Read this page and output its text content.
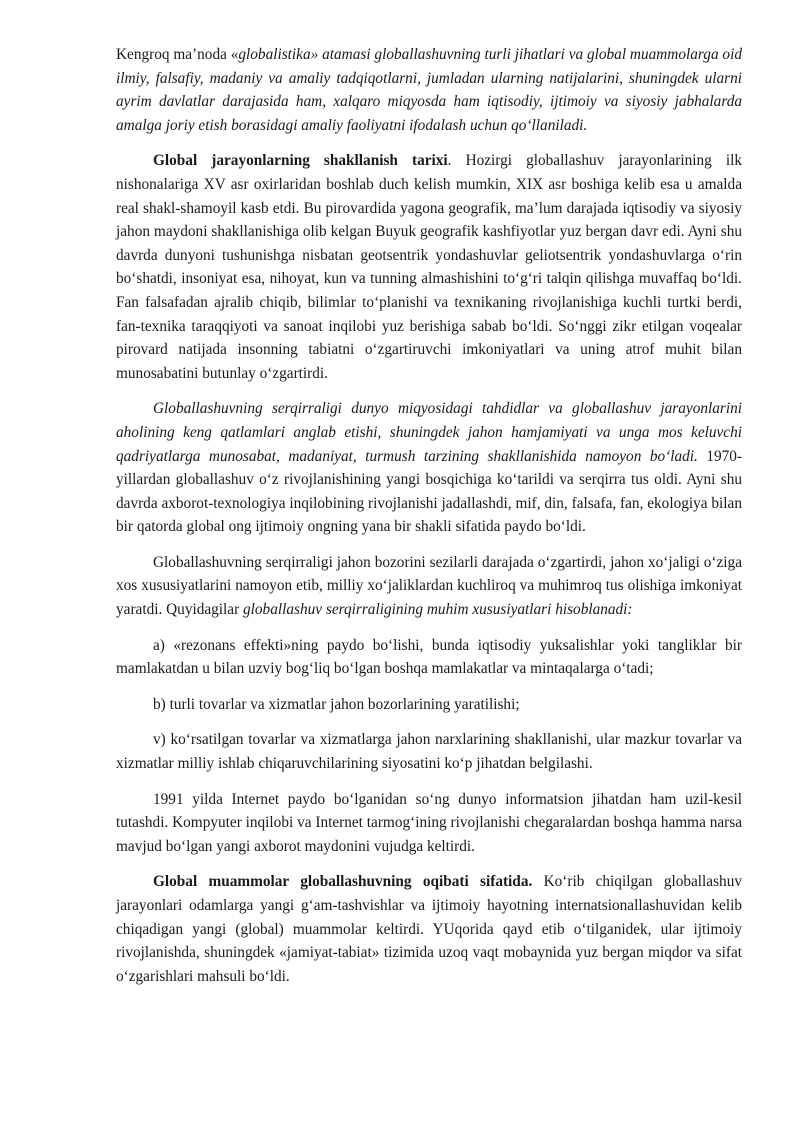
Kengroq ma’noda «globalistika» atamasi globallashuvning turli jihatlari va global muammolarga oid ilmiy, falsafiy, madaniy va amaliy tadqiqotlarni, jumladan ularning natijalarini, shuningdek ularni ayrim davlatlar darajasida ham, xalqaro miqyosda ham iqtisodiy, ijtimoiy va siyosiy jabhalarda amalga joriy etish borasidagi amaliy faoliyatni ifodalash uchun qo‘llaniladi.

Global jarayonlarning shakllanish tarixi. Hozirgi globallashuv jarayonlarining ilk nishonalariga XV asr oxirlaridan boshlab duch kelish mumkin, XIX asr boshiga kelib esa u amalda real shakl-shamoyil kasb etdi. Bu pirovardida yagona geografik, ma’lum darajada iqtisodiy va siyosiy jahon maydoni shakllanishiga olib kelgan Buyuk geografik kashfiyotlar yuz bergan davr edi. Ayni shu davrda dunyoni tushunishga nisbatan geotsentrik yondashuvlar geliotsentrik yondashuvlarga o‘rin bo‘shatdi, insoniyat esa, nihoyat, kun va tunning almashishini to‘g‘ri talqin qilishga muvaffaq bo‘ldi. Fan falsafadan ajralib chiqib, bilimlar to‘planishi va texnikaning rivojlanishiga kuchli turtki berdi, fan-texnika taraqqiyoti va sanoat inqilobi yuz berishiga sabab bo‘ldi. So‘nggi zikr etilgan voqealar pirovard natijada insonning tabiatni o‘zgartiruvchi imkoniyatlari va uning atrof muhit bilan munosabatini butunlay o‘zgartirdi.

Globallashuvning serqirraligi dunyo miqyosidagi tahdidlar va globallashuv jarayonlarini aholining keng qatlamlari anglab etishi, shuningdek jahon hamjamiyati va unga mos keluvchi qadriyatlarga munosabat, madaniyat, turmush tarzining shakllanishida namoyon bo‘ladi. 1970-yillardan globallashuv o‘z rivojlanishining yangi bosqichiga ko‘tarildi va serqirra tus oldi. Ayni shu davrda axborot-texnologiya inqilobining rivojlanishi jadallashdi, mif, din, falsafa, fan, ekologiya bilan bir qatorda global ong ijtimoiy ongning yana bir shakli sifatida paydo bo‘ldi.

Globallashuvning serqirraligi jahon bozorini sezilarli darajada o‘zgartirdi, jahon xo‘jaligi o‘ziga xos xususiyatlarini namoyon etib, milliy xo‘jaliklardan kuchliroq va muhimroq tus olishiga imkoniyat yaratdi. Quyidagilar globallashuv serqirraligining muhim xususiyatlari hisoblanadi:

a) «rezonans effekti»ning paydo bo‘lishi, bunda iqtisodiy yuksalishlar yoki tangliklar bir mamlakatdan u bilan uzviy bog‘liq bo‘lgan boshqa mamlakatlar va mintaqalarga o‘tadi;

b) turli tovarlar va xizmatlar jahon bozorlarining yaratilishi;

v) ko‘rsatilgan tovarlar va xizmatlarga jahon narxlarining shakllanishi, ular mazkur tovarlar va xizmatlar milliy ishlab chiqaruvchilarining siyosatini ko‘p jihatdan belgilashi.

1991 yilda Internet paydo bo‘lganidan so‘ng dunyo informatsion jihatdan ham uzil-kesil tutashdi. Kompyuter inqilobi va Internet tarmog‘ining rivojlanishi chegaralardan boshqa hamma narsa mavjud bo‘lgan yangi axborot maydonini vujudga keltirdi.

Global muammolar globallashuvning oqibati sifatida. Ko‘rib chiqilgan globallashuv jarayonlari odamlarga yangi g‘am-tashvishlar va ijtimoiy hayotning internatsionallashuvidan kelib chiqadigan yangi (global) muammolar keltirdi. YUqorida qayd etib o‘tilganidek, ular ijtimoiy rivojlanishda, shuningdek «jamiyat-tabiat» tizimida uzoq vaqt mobaynida yuz bergan miqdor va sifat o‘zgarishlari mahsuli bo‘ldi.
